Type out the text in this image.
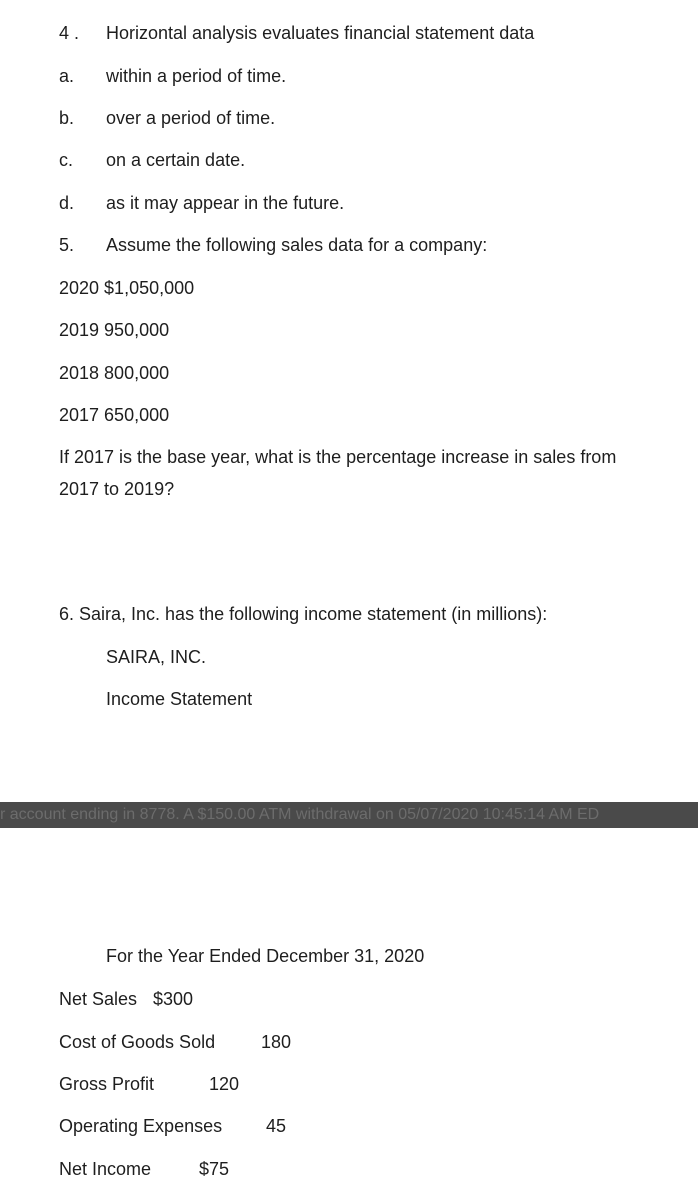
4 . Horizontal analysis evaluates financial statement data
a. within a period of time.
b. over a period of time.
c. on a certain date.
d. as it may appear in the future.
5. Assume the following sales data for a company:
2020 $1,050,000
2019 950,000
2018 800,000
2017 650,000
If 2017 is the base year, what is the percentage increase in sales from 2017 to 2019?
6. Saira, Inc. has the following income statement (in millions):
SAIRA, INC.
Income Statement
r account ending in 8778. A $150.00 ATM withdrawal on 05/07/2020 10:45:14 AM ED
For the Year Ended December 31, 2020
Net Sales $300
Cost of Goods Sold	180
Gross Profit	120
Operating Expenses 45
Net Income	$75
